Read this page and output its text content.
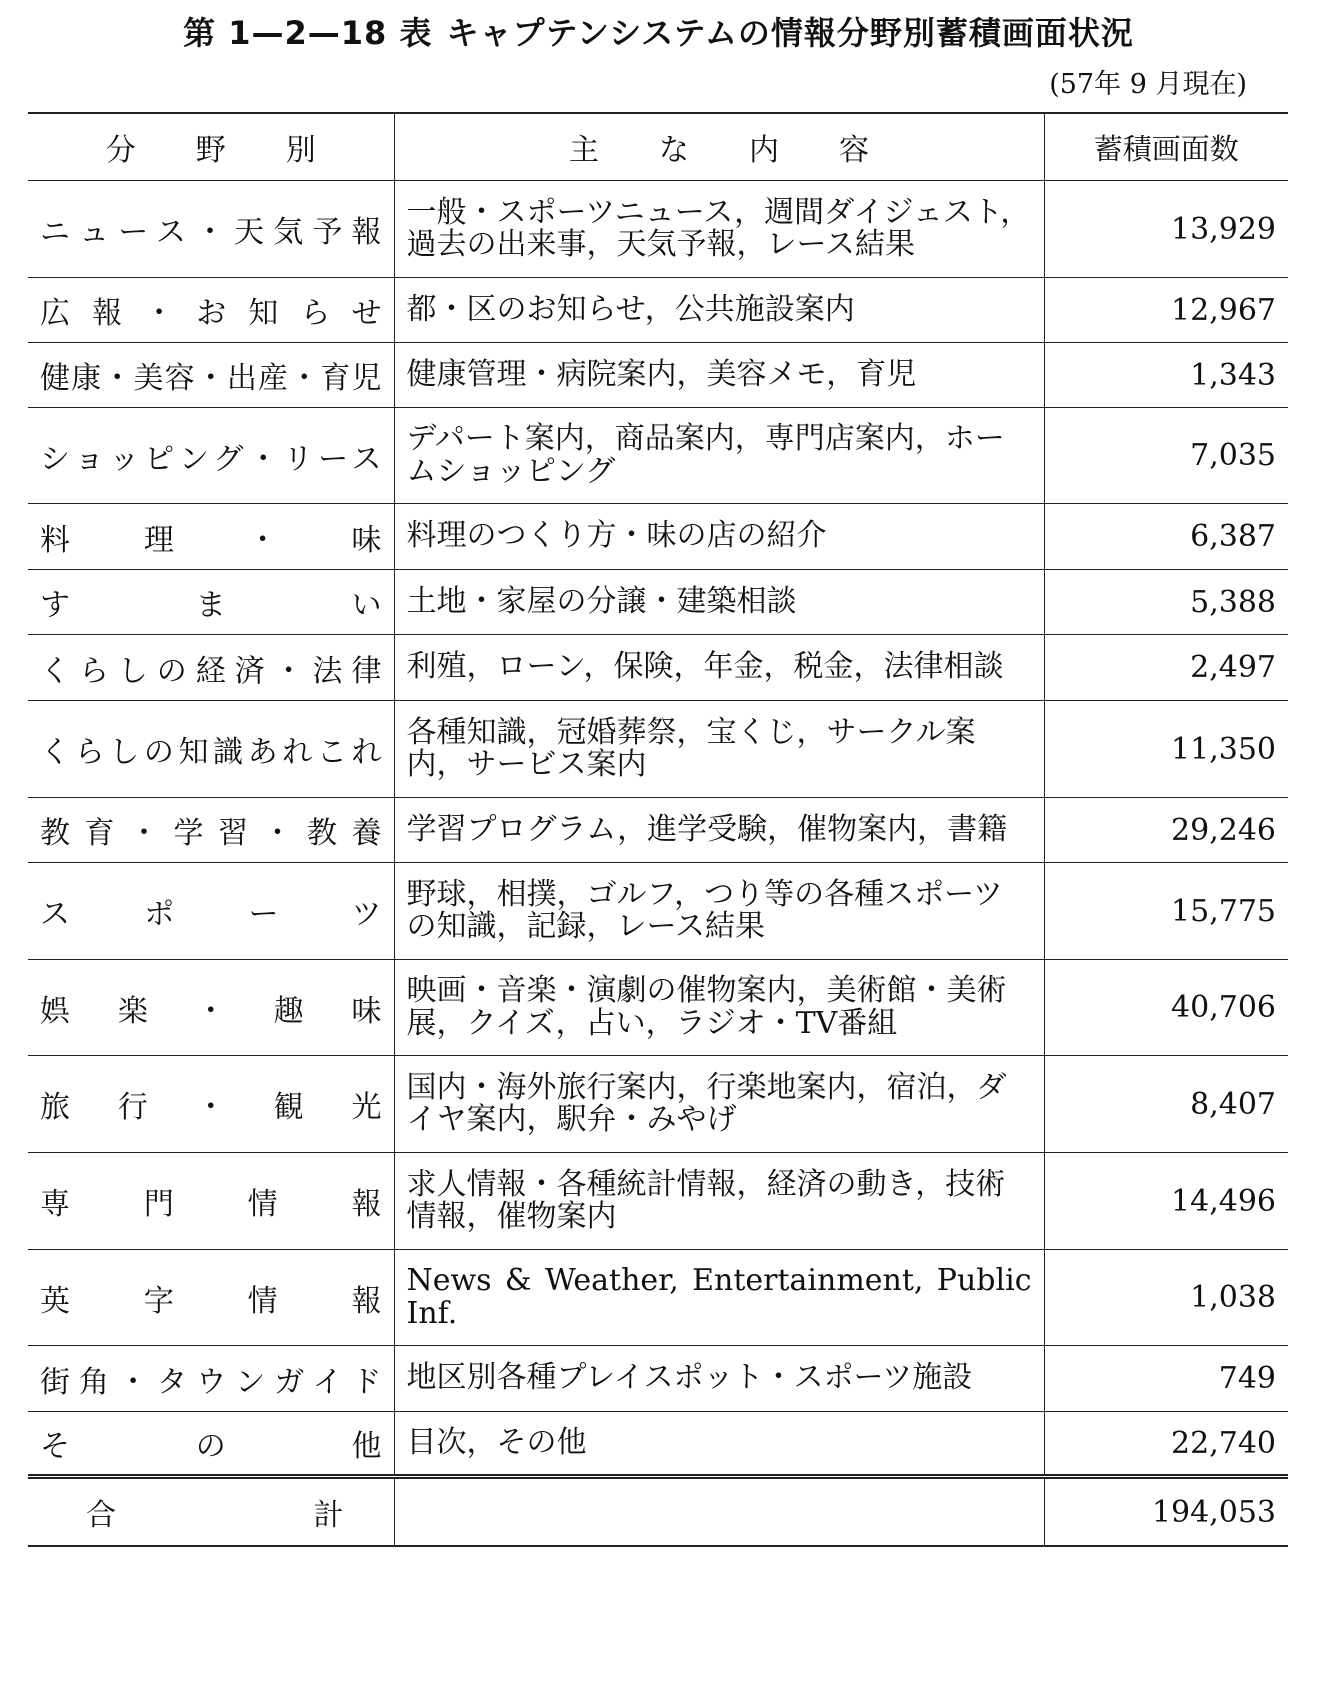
第 1—2—18 表 キャプテンシステムの情報分野別蓄積画面状況
(57年 9 月現在)
分　　野　　別	主　　な　　内　　容	蓄積画面数
ニュース・天気予報	一般・スポーツニュース，週間ダイジェスト，過去の出来事，天気予報，レース結果	13,929
広報・お知らせ	都・区のお知らせ，公共施設案内	12,967
健康・美容・出産・育児	健康管理・病院案内，美容メモ，育児	1,343
ショッピング・リース	デパート案内，商品案内，専門店案内，ホームショッピング	7,035
料理・味	料理のつくり方・味の店の紹介	6,387
すまい	土地・家屋の分譲・建築相談	5,388
くらしの経済・法律	利殖，ローン，保険，年金，税金，法律相談	2,497
くらしの知識あれこれ	各種知識，冠婚葬祭，宝くじ，サークル案内，サービス案内	11,350
教育・学習・教養	学習プログラム，進学受験，催物案内，書籍	29,246
スポーツ	野球，相撲，ゴルフ，つり等の各種スポーツの知識，記録，レース結果	15,775
娯楽・趣味	映画・音楽・演劇の催物案内，美術館・美術展，クイズ，占い，ラジオ・TV番組	40,706
旅行・観光	国内・海外旅行案内，行楽地案内，宿泊，ダイヤ案内，駅弁・みやげ	8,407
専門情報	求人情報・各種統計情報，経済の動き，技術情報，催物案内	14,496
英字情報	News & Weather, Entertainment, Public Inf.	1,038
街角・タウンガイド	地区別各種プレイスポット・スポーツ施設	749
その他	目次，その他	22,740
合計		194,053
